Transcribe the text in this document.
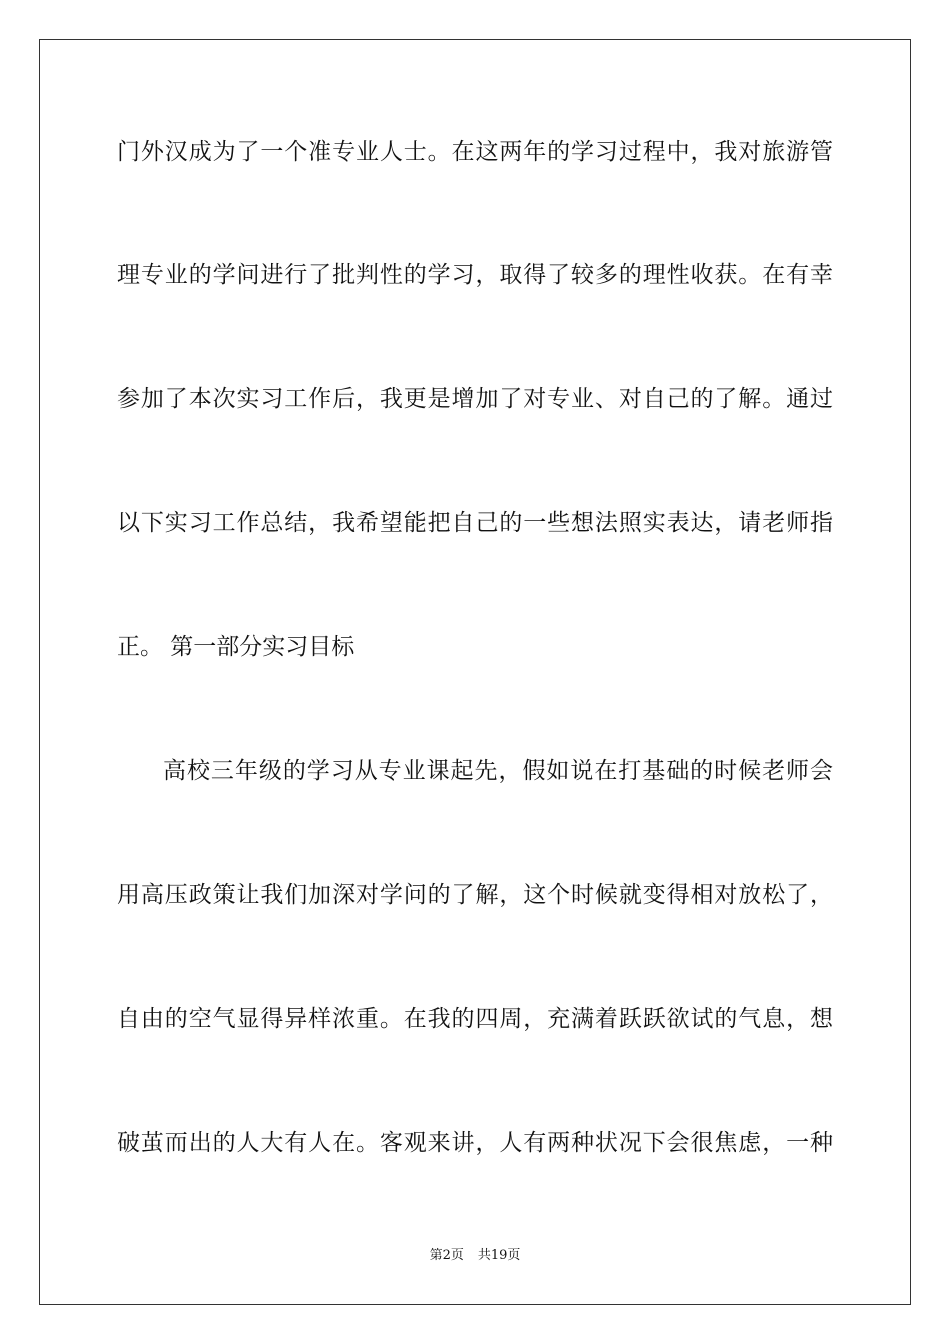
门外汉成为了一个准专业人士。在这两年的学习过程中，我对旅游管
理专业的学问进行了批判性的学习，取得了较多的理性收获。在有幸
参加了本次实习工作后，我更是增加了对专业、对自己的了解。通过
以下实习工作总结，我希望能把自己的一些想法照实表达，请老师指
正。 第一部分实习目标
高校三年级的学习从专业课起先，假如说在打基础的时候老师会
用高压政策让我们加深对学问的了解，这个时候就变得相对放松了，
自由的空气显得异样浓重。在我的四周，充满着跃跃欲试的气息，想
破茧而出的人大有人在。客观来讲，人有两种状况下会很焦虑，一种
第2页 共19页
